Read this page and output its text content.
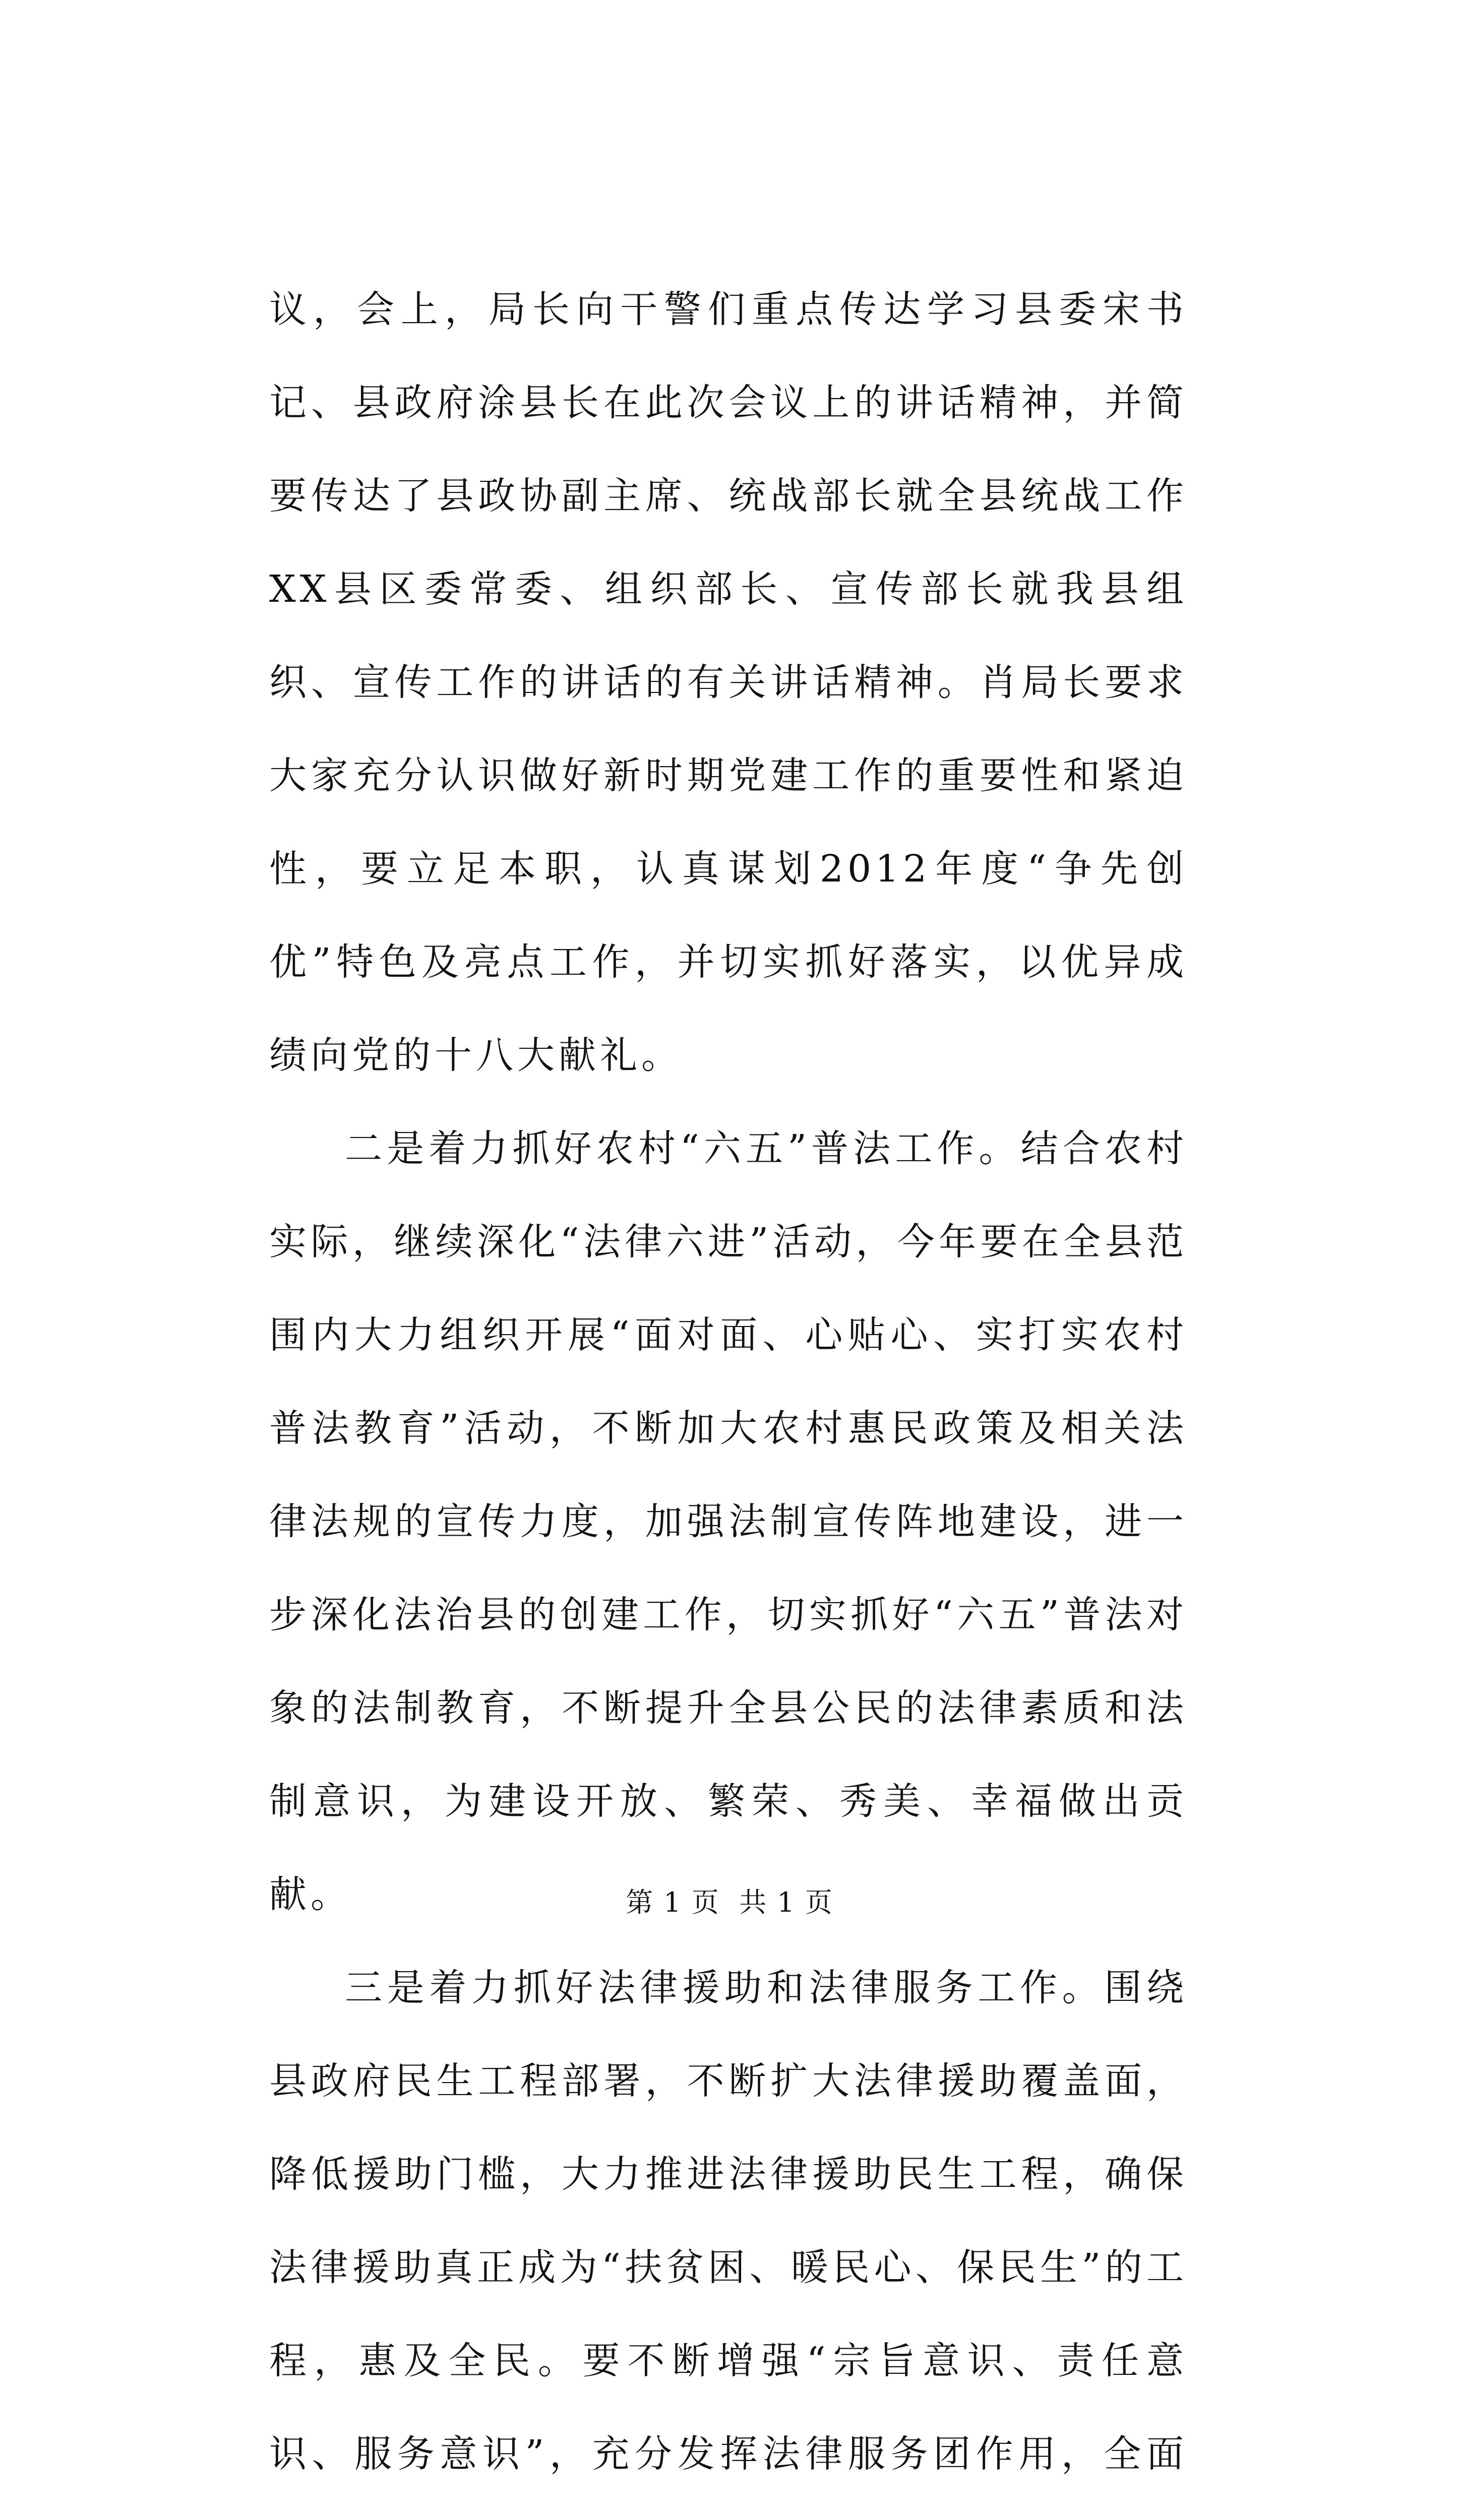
议，会上，局长向干警们重点传达学习县委宋书记、县政府涂县长在此次会议上的讲话精神，并简要传达了县政协副主席、统战部长就全县统战工作XX县区委常委、组织部长、宣传部长就我县组织、宣传工作的讲话的有关讲话精神。肖局长要求大家充分认识做好新时期党建工作的重要性和紧迫性，要立足本职，认真谋划2012年度“争先创优”特色及亮点工作，并切实抓好落实，以优异成绩向党的十八大献礼。

二是着力抓好农村“六五”普法工作。结合农村实际，继续深化“法律六进”活动，今年要在全县范围内大力组织开展“面对面、心贴心、实打实农村普法教育”活动，不断加大农村惠民政策及相关法律法规的宣传力度，加强法制宣传阵地建设，进一步深化法治县的创建工作，切实抓好“六五”普法对象的法制教育，不断提升全县公民的法律素质和法制意识，为建设开放、繁荣、秀美、幸福做出贡献。

三是着力抓好法律援助和法律服务工作。围绕县政府民生工程部署，不断扩大法律援助覆盖面，降低援助门槛，大力推进法律援助民生工程，确保法律援助真正成为“扶贫困、暖民心、保民生”的工程，惠及全民。要不断增强“宗旨意识、责任意识、服务意识”，充分发挥法律服务团作用，全面

第 1 页  共 1 页
